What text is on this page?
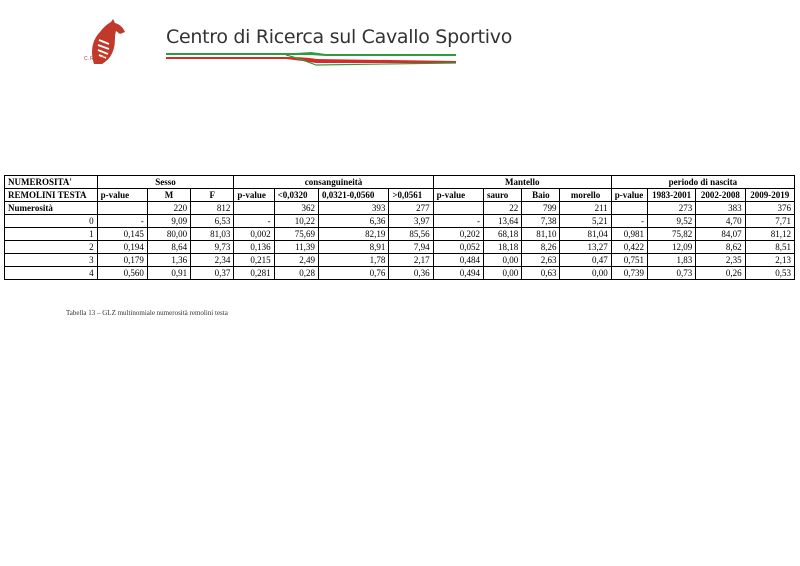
C.R.C.S
Centro di Ricerca sul Cavallo Sportivo
NUMEROSITA'	Sesso			consanguineità				Mantello				periodo di nascita			
REMOLINI TESTA	p-value	M	F	p-value	<0,0320	0,0321-0,0560	>0,0561	p-value	sauro	Baio	morello	p-value	1983-2001	2002-2008	2009-2019
Numerosità		220	812		362	393	277		22	799	211		273	383	376
0	-	9,09	6,53	-	10,22	6,36	3,97	-	13,64	7,38	5,21	-	9,52	4,70	7,71
1	0,145	80,00	81,03	0,002	75,69	82,19	85,56	0,202	68,18	81,10	81,04	0,981	75,82	84,07	81,12
2	0,194	8,64	9,73	0,136	11,39	8,91	7,94	0,052	18,18	8,26	13,27	0,422	12,09	8,62	8,51
3	0,179	1,36	2,34	0,215	2,49	1,78	2,17	0,484	0,00	2,63	0,47	0,751	1,83	2,35	2,13
4	0,560	0,91	0,37	0,281	0,28	0,76	0,36	0,494	0,00	0,63	0,00	0,739	0,73	0,26	0,53
Tabella 13 – GLZ multinomiale numerosità remolini testa
